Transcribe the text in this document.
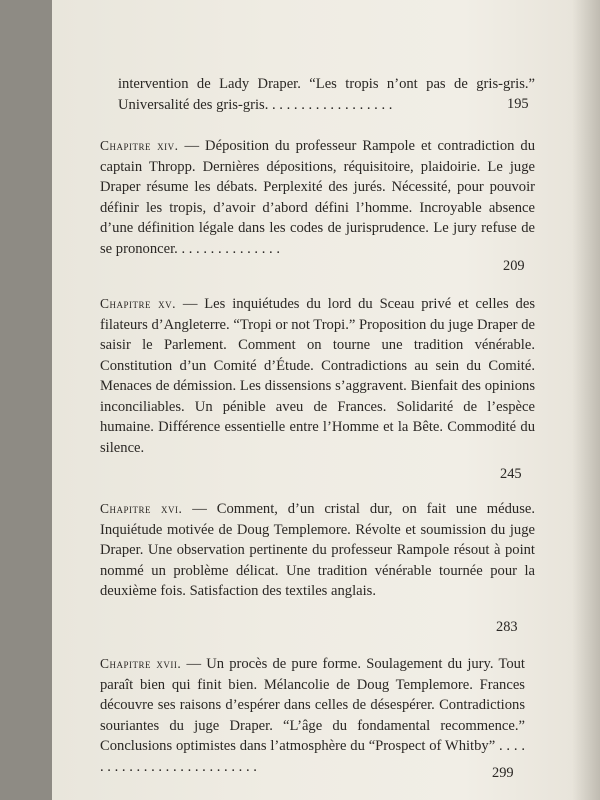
intervention de Lady Draper. “Les tropis n’ont pas de gris-gris.” Universalité des gris-gris. . . . . . . . . . . . . . . . . .	195

Chapitre xiv. — Déposition du professeur Rampole et contradiction du captain Thropp. Dernières dépositions, réquisitoire, plaidoirie. Le juge Draper résume les débats. Perplexité des jurés. Nécessité, pour pouvoir définir les tropis, d’avoir d’abord défini l’homme. Incroyable absence d’une définition légale dans les codes de jurisprudence. Le jury refuse de se prononcer. . . . . . . . . . . . . . .

209

Chapitre xv. — Les inquiétudes du lord du Sceau privé et celles des filateurs d’Angleterre. “Tropi or not Tropi.” Proposition du juge Draper de saisir le Parlement. Comment on tourne une tradition vénérable. Constitution d’un Comité d’Étude. Contradictions au sein du Comité. Menaces de démission. Les dissensions s’aggravent. Bienfait des opinions inconciliables. Un pénible aveu de Frances. Solidarité de l’espèce humaine. Différence essentielle entre l’Homme et la Bête. Commodité du silence.

245

Chapitre xvi. — Comment, d’un cristal dur, on fait une méduse. Inquiétude motivée de Doug Templemore. Révolte et soumission du juge Draper. Une observation pertinente du professeur Rampole résout à point nommé un problème délicat. Une tradition vénérable tournée pour la deuxième fois. Satisfaction des textiles anglais.

283

Chapitre xvii. — Un procès de pure forme. Soulagement du jury. Tout paraît bien qui finit bien. Mélancolie de Doug Templemore. Frances découvre ses raisons d’espérer dans celles de désespérer. Contradictions souriantes du juge Draper. “L’âge du fondamental recommence.” Conclusions optimistes dans l’atmosphère du “Prospect of Whitby” . . . . . . . . . . . . . . . . . . . . . . . . . .	299
